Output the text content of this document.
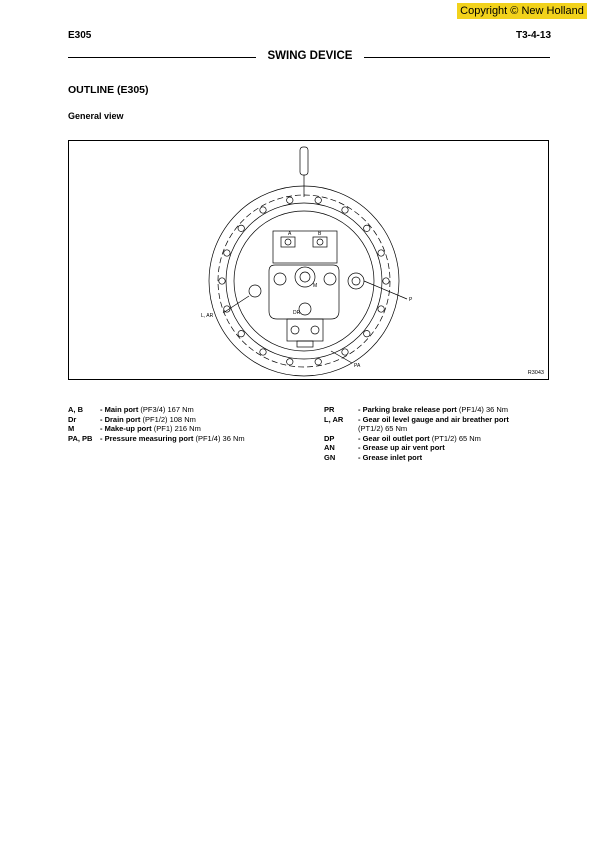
Copyright © New Holland
E305	T3-4-13
SWING DEVICE
OUTLINE (E305)
General view
A	B
P
L, AR
PA
DR
M
R3043
A, B	- Main port (PF3/4) 167 Nm
Dr	- Drain port (PF1/2) 108 Nm
M	- Make-up port (PF1) 216 Nm
PA, PB	- Pressure measuring port (PF1/4) 36 Nm
PR	- Parking brake release port (PF1/4) 36 Nm
L, AR	- Gear oil level gauge and air breather port
(PT1/2) 65 Nm
DP	- Gear oil outlet port (PT1/2) 65 Nm
AN	- Grease up air vent port
GN	- Grease inlet port
